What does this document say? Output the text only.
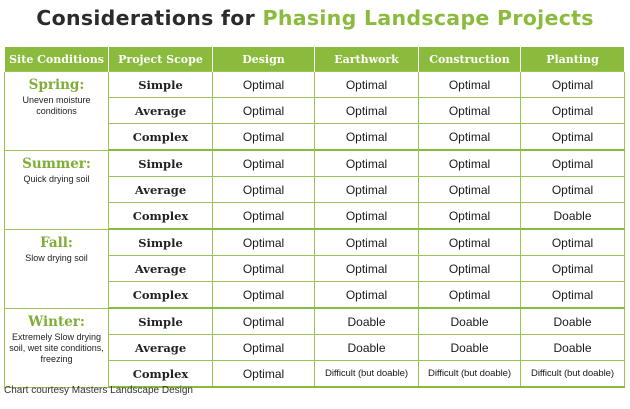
Considerations for Phasing Landscape Projects
Site Conditions	Project Scope	Design	Earthwork	Construction	Planting

Spring:
Uneven moisture conditions	Simple	Optimal	Optimal	Optimal	Optimal
	Average	Optimal	Optimal	Optimal	Optimal
	Complex	Optimal	Optimal	Optimal	Optimal

Summer:
Quick drying soil	Simple	Optimal	Optimal	Optimal	Optimal
	Average	Optimal	Optimal	Optimal	Optimal
	Complex	Optimal	Optimal	Optimal	Doable

Fall:
Slow drying soil	Simple	Optimal	Optimal	Optimal	Optimal
	Average	Optimal	Optimal	Optimal	Optimal
	Complex	Optimal	Optimal	Optimal	Optimal

Winter:
Extremely Slow drying soil, wet site conditions, freezing	Simple	Optimal	Doable	Doable	Doable
	Average	Optimal	Doable	Doable	Doable
	Complex	Optimal	Difficult (but doable)	Difficult (but doable)	Difficult (but doable)
Chart courtesy Masters Landscape Design
